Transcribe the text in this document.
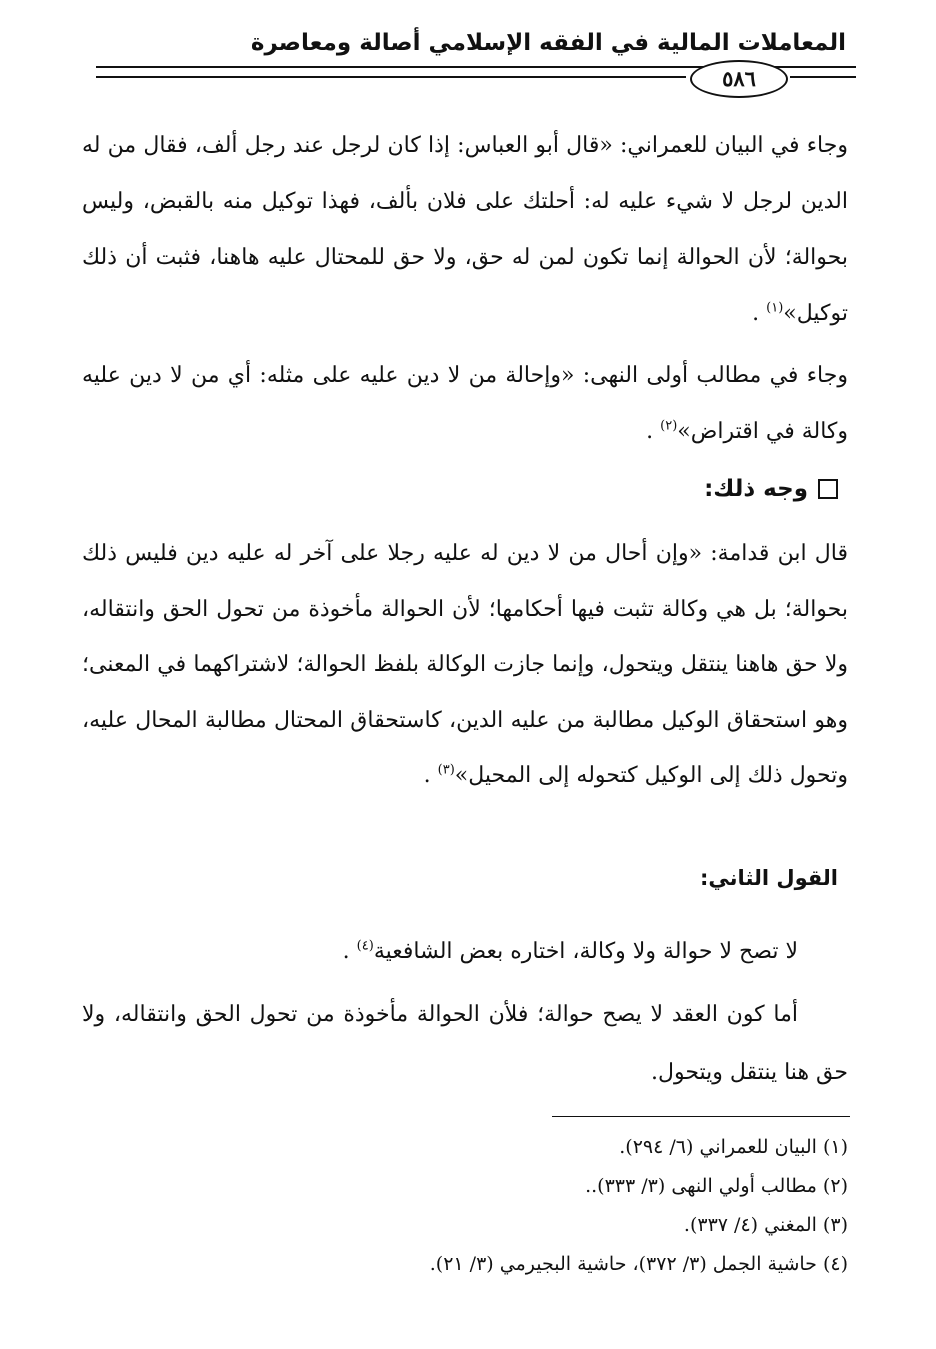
المعاملات المالية في الفقه الإسلامي أصالة ومعاصرة
٥٨٦

وجاء في البيان للعمراني: «قال أبو العباس: إذا كان لرجل عند رجل ألف، فقال من له الدين لرجل لا شيء عليه له: أحلتك على فلان بألف، فهذا توكيل منه بالقبض، وليس بحوالة؛ لأن الحوالة إنما تكون لمن له حق، ولا حق للمحتال عليه هاهنا، فثبت أن ذلك توكيل»$^{(١)}$ .

وجاء في مطالب أولى النهى: «وإحالة من لا دين عليه على مثله: أي من لا دين عليه وكالة في اقتراض»$^{(٢)}$ .

وجه ذلك:

قال ابن قدامة: «وإن أحال من لا دين له عليه رجلا على آخر له عليه دين فليس ذلك بحوالة؛ بل هي وكالة تثبت فيها أحكامها؛ لأن الحوالة مأخوذة من تحول الحق وانتقاله، ولا حق هاهنا ينتقل ويتحول، وإنما جازت الوكالة بلفظ الحوالة؛ لاشتراكهما في المعنى؛ وهو استحقاق الوكيل مطالبة من عليه الدين، كاستحقاق المحتال مطالبة المحال عليه، وتحول ذلك إلى الوكيل كتحوله إلى المحيل»$^{(٣)}$ .

القول الثاني:

لا تصح لا حوالة ولا وكالة، اختاره بعض الشافعية$^{(٤)}$ .

أما كون العقد لا يصح حوالة؛ فلأن الحوالة مأخوذة من تحول الحق وانتقاله، ولا حق هنا ينتقل ويتحول.

(١) البيان للعمراني (٦/ ٢٩٤).

(٢) مطالب أولي النهى (٣/ ٣٣٣)..

(٣) المغني (٤/ ٣٣٧).

(٤) حاشية الجمل (٣/ ٣٧٢)، حاشية البجيرمي (٣/ ٢١).
